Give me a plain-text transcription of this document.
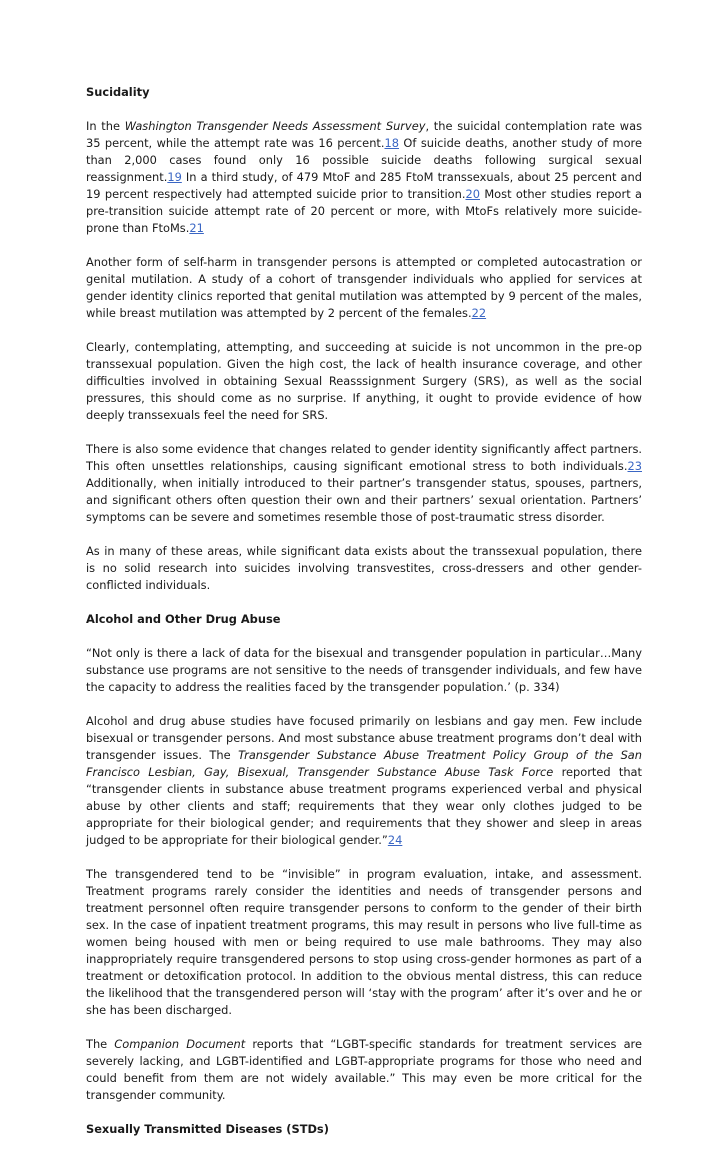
Sucidality

In the Washington Transgender Needs Assessment Survey, the suicidal contemplation rate was 35 percent, while the attempt rate was 16 percent.18 Of suicide deaths, another study of more than 2,000 cases found only 16 possible suicide deaths following surgical sexual reassignment.19 In a third study, of 479 MtoF and 285 FtoM transsexuals, about 25 percent and 19 percent respectively had attempted suicide prior to transition.20 Most other studies report a pre-transition suicide attempt rate of 20 percent or more, with MtoFs relatively more suicide-prone than FtoMs.21

Another form of self-harm in transgender persons is attempted or completed autocastration or genital mutilation. A study of a cohort of transgender individuals who applied for services at gender identity clinics reported that genital mutilation was attempted by 9 percent of the males, while breast mutilation was attempted by 2 percent of the females.22

Clearly, contemplating, attempting, and succeeding at suicide is not uncommon in the pre-op transsexual population. Given the high cost, the lack of health insurance coverage, and other difficulties involved in obtaining Sexual Reasssignment Surgery (SRS), as well as the social pressures, this should come as no surprise. If anything, it ought to provide evidence of how deeply transsexuals feel the need for SRS.

There is also some evidence that changes related to gender identity significantly affect partners. This often unsettles relationships, causing significant emotional stress to both individuals.23 Additionally, when initially introduced to their partner’s transgender status, spouses, partners, and significant others often question their own and their partners’ sexual orientation. Partners’ symptoms can be severe and sometimes resemble those of post-traumatic stress disorder.

As in many of these areas, while significant data exists about the transsexual population, there is no solid research into suicides involving transvestites, cross-dressers and other gender-conflicted individuals.

Alcohol and Other Drug Abuse

“Not only is there a lack of data for the bisexual and transgender population in particular…Many substance use programs are not sensitive to the needs of transgender individuals, and few have the capacity to address the realities faced by the transgender population.’ (p. 334)

Alcohol and drug abuse studies have focused primarily on lesbians and gay men. Few include bisexual or transgender persons. And most substance abuse treatment programs don’t deal with transgender issues. The Transgender Substance Abuse Treatment Policy Group of the San Francisco Lesbian, Gay, Bisexual, Transgender Substance Abuse Task Force reported that “transgender clients in substance abuse treatment programs experienced verbal and physical abuse by other clients and staff; requirements that they wear only clothes judged to be appropriate for their biological gender; and requirements that they shower and sleep in areas judged to be appropriate for their biological gender.”24

The transgendered tend to be “invisible” in program evaluation, intake, and assessment. Treatment programs rarely consider the identities and needs of transgender persons and treatment personnel often require transgender persons to conform to the gender of their birth sex. In the case of inpatient treatment programs, this may result in persons who live full-time as women being housed with men or being required to use male bathrooms. They may also inappropriately require transgendered persons to stop using cross-gender hormones as part of a treatment or detoxification protocol. In addition to the obvious mental distress, this can reduce the likelihood that the transgendered person will ‘stay with the program’ after it’s over and he or she has been discharged.

The Companion Document reports that “LGBT-specific standards for treatment services are severely lacking, and LGBT-identified and LGBT-appropriate programs for those who need and could benefit from them are not widely available.” This may even be more critical for the transgender community.

Sexually Transmitted Diseases (STDs)
